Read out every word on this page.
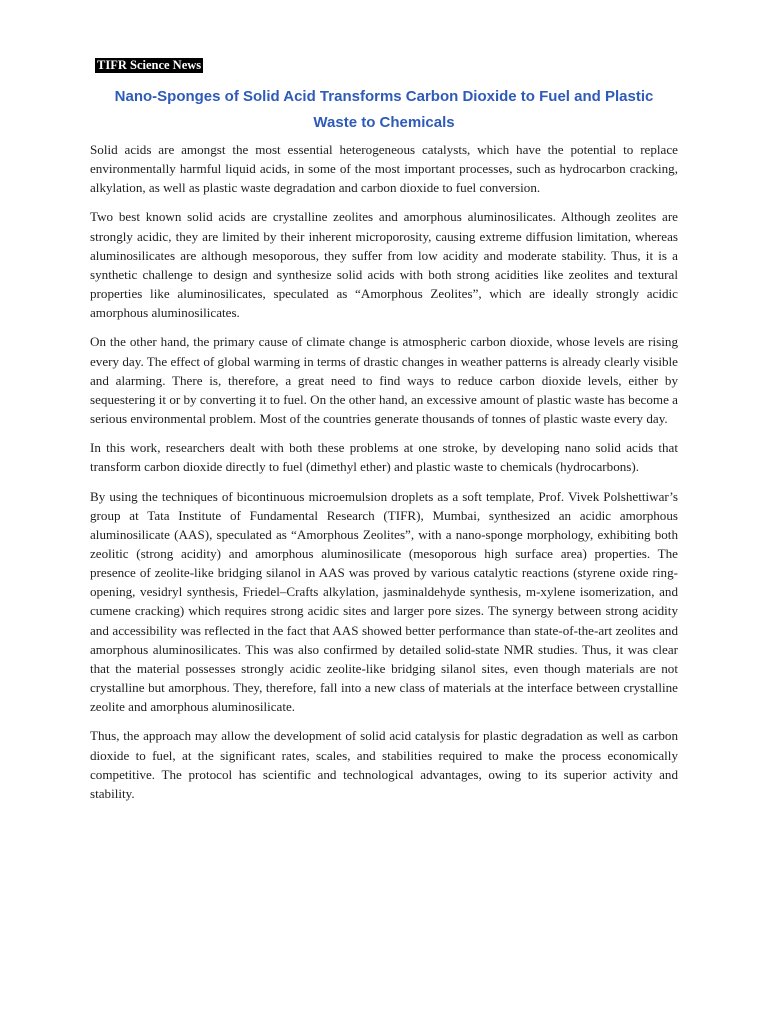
TIFR Science News
Nano-Sponges of Solid Acid Transforms Carbon Dioxide to Fuel and Plastic
Waste to Chemicals

Solid acids are amongst the most essential heterogeneous catalysts, which have the potential to replace environmentally harmful liquid acids, in some of the most important processes, such as hydrocarbon cracking, alkylation, as well as plastic waste degradation and carbon dioxide to fuel conversion.

Two best known solid acids are crystalline zeolites and amorphous aluminosilicates. Although zeolites are strongly acidic, they are limited by their inherent microporosity, causing extreme diffusion limitation, whereas aluminosilicates are although mesoporous, they suffer from low acidity and moderate stability. Thus, it is a synthetic challenge to design and synthesize solid acids with both strong acidities like zeolites and textural properties like aluminosilicates, speculated as “Amorphous Zeolites”, which are ideally strongly acidic amorphous aluminosilicates.

On the other hand, the primary cause of climate change is atmospheric carbon dioxide, whose levels are rising every day. The effect of global warming in terms of drastic changes in weather patterns is already clearly visible and alarming. There is, therefore, a great need to find ways to reduce carbon dioxide levels, either by sequestering it or by converting it to fuel. On the other hand, an excessive amount of plastic waste has become a serious environmental problem. Most of the countries generate thousands of tonnes of plastic waste every day.

In this work, researchers dealt with both these problems at one stroke, by developing nano solid acids that transform carbon dioxide directly to fuel (dimethyl ether) and plastic waste to chemicals (hydrocarbons).

By using the techniques of bicontinuous microemulsion droplets as a soft template, Prof. Vivek Polshettiwar’s group at Tata Institute of Fundamental Research (TIFR), Mumbai, synthesized an acidic amorphous aluminosilicate (AAS), speculated as “Amorphous Zeolites”, with a nano-sponge morphology, exhibiting both zeolitic (strong acidity) and amorphous aluminosilicate (mesoporous high surface area) properties. The presence of zeolite-like bridging silanol in AAS was proved by various catalytic reactions (styrene oxide ring-opening, vesidryl synthesis, Friedel–Crafts alkylation, jasminaldehyde synthesis, m-xylene isomerization, and cumene cracking) which requires strong acidic sites and larger pore sizes. The synergy between strong acidity and accessibility was reflected in the fact that AAS showed better performance than state-of-the-art zeolites and amorphous aluminosilicates. This was also confirmed by detailed solid-state NMR studies. Thus, it was clear that the material possesses strongly acidic zeolite-like bridging silanol sites, even though materials are not crystalline but amorphous. They, therefore, fall into a new class of materials at the interface between crystalline zeolite and amorphous aluminosilicate.

Thus, the approach may allow the development of solid acid catalysis for plastic degradation as well as carbon dioxide to fuel, at the significant rates, scales, and stabilities required to make the process economically competitive. The protocol has scientific and technological advantages, owing to its superior activity and stability.
